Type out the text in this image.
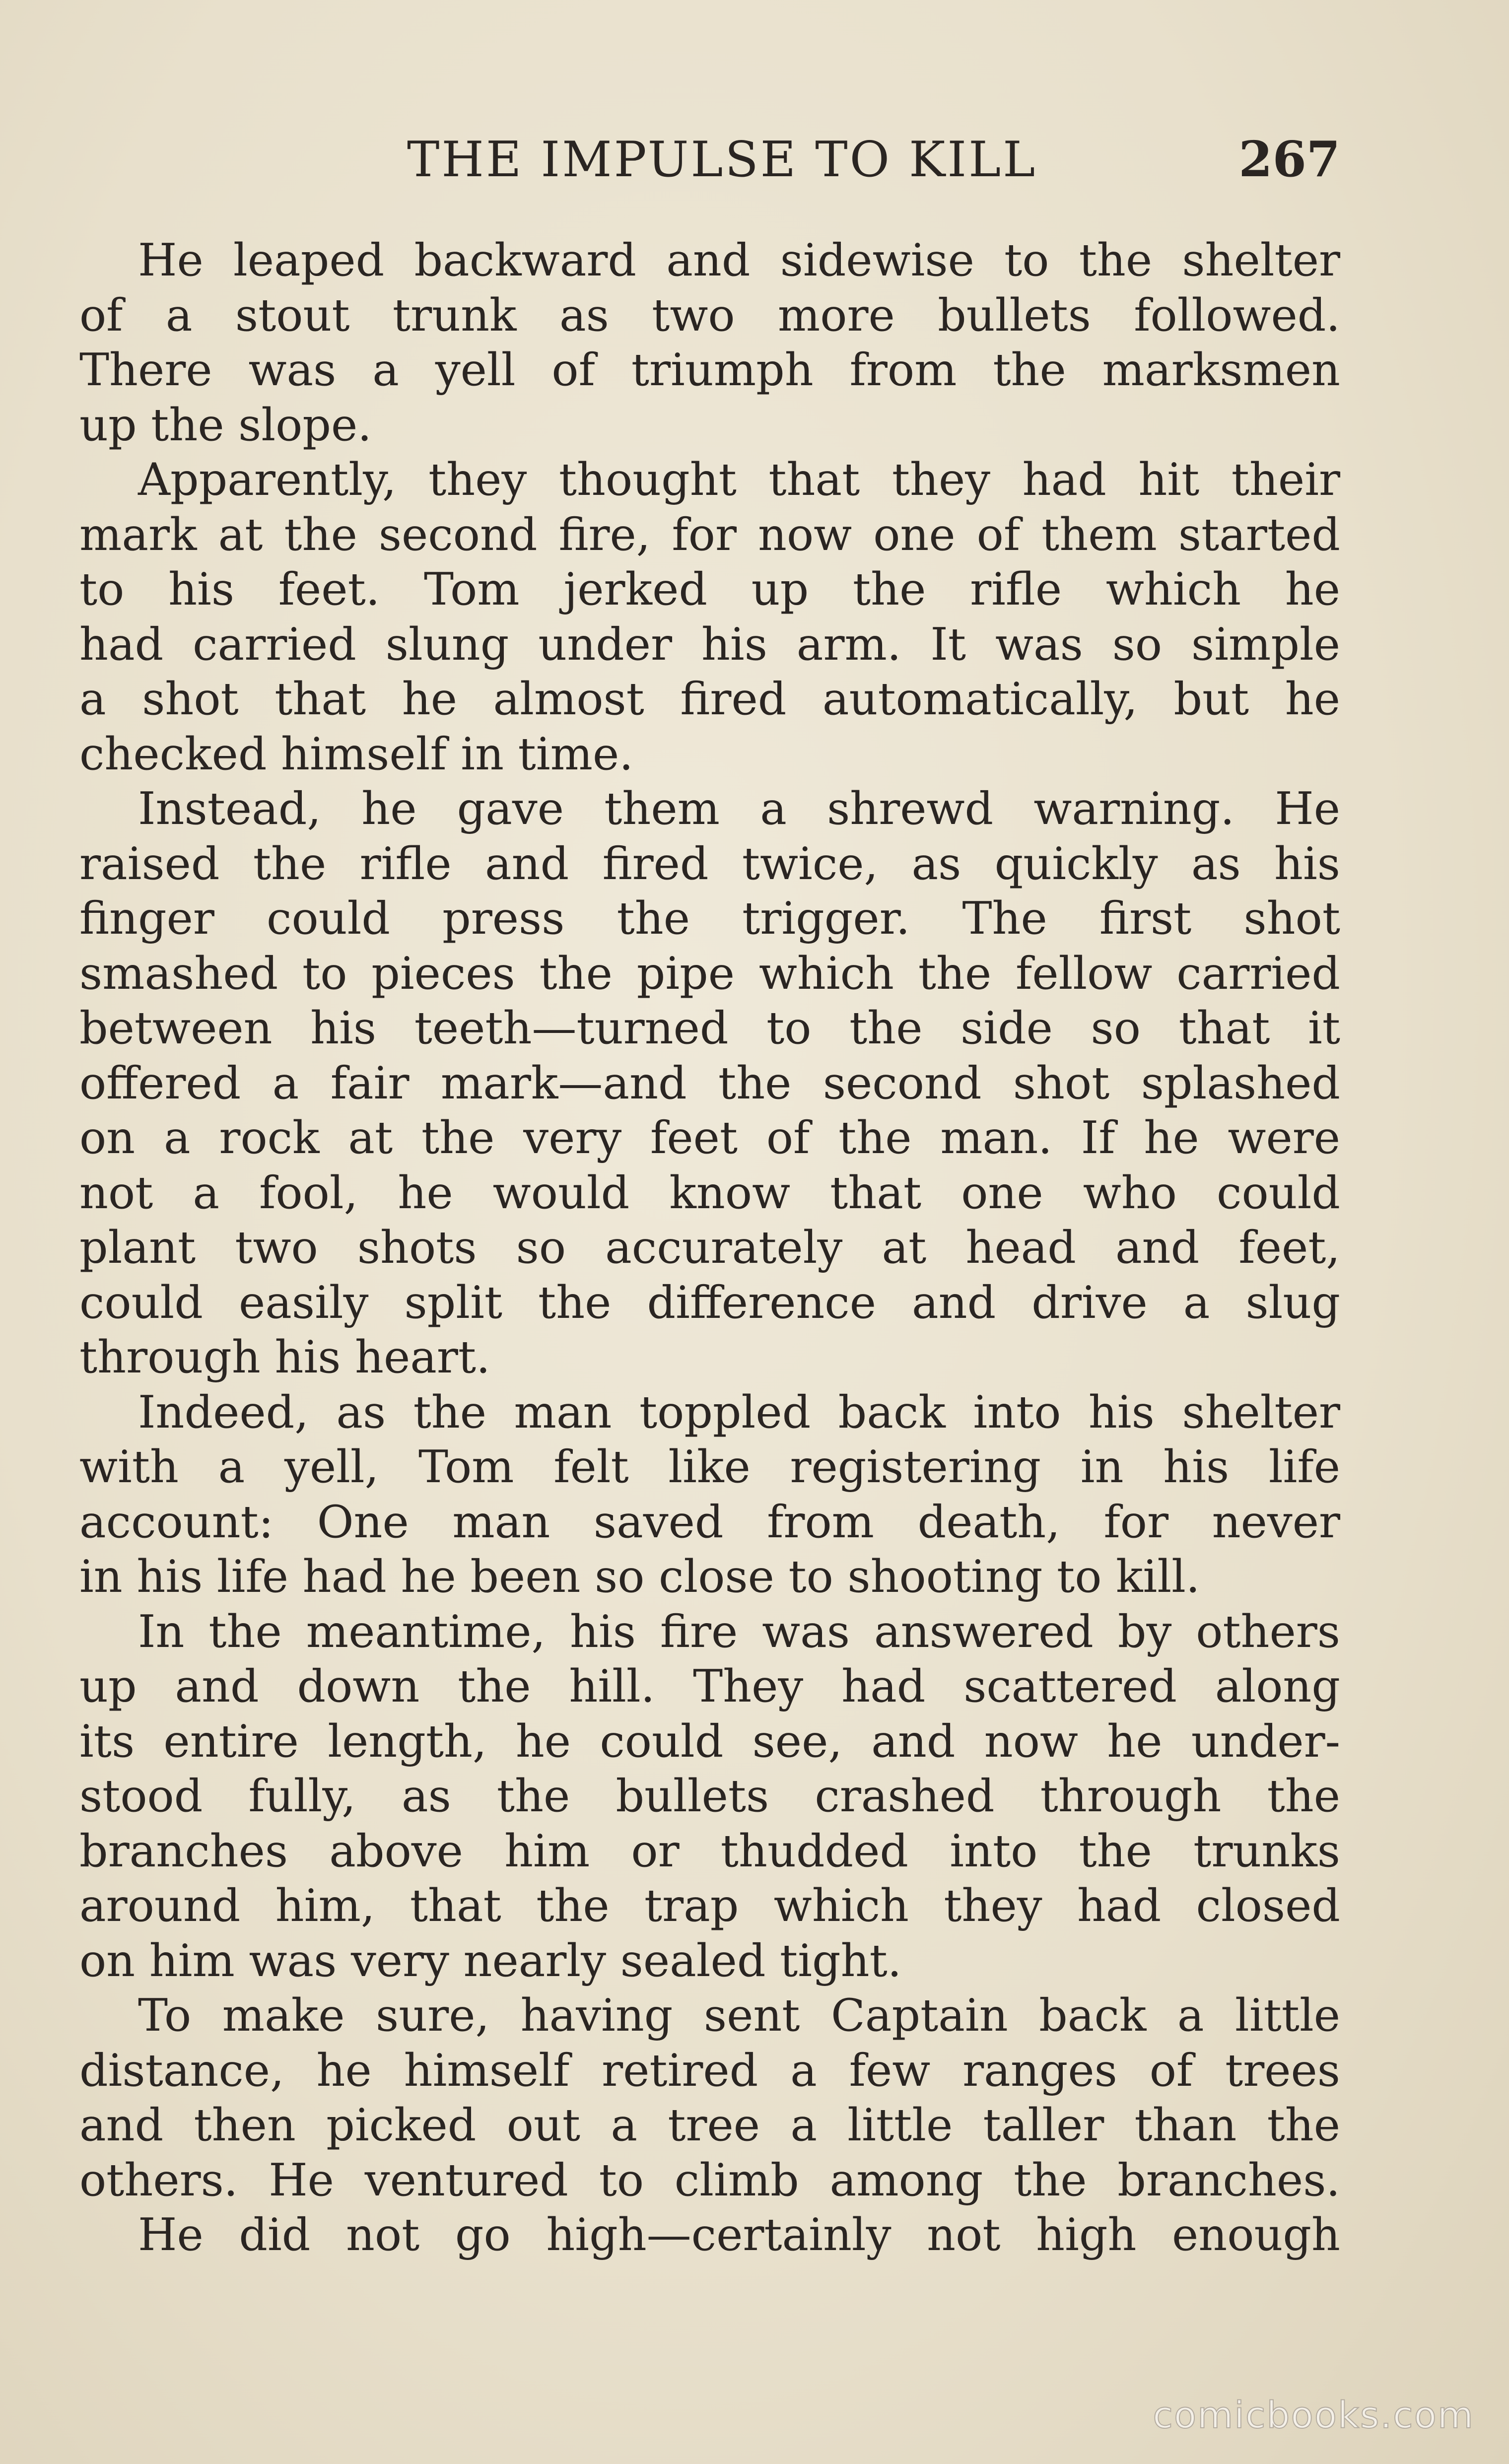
THE IMPULSE TO KILL	267
He leaped backward and sidewise to the shelter
of a stout trunk as two more bullets followed.
There was a yell of triumph from the marksmen
up the slope.
Apparently, they thought that they had hit their
mark at the second fire, for now one of them started
to his feet. Tom jerked up the rifle which he
had carried slung under his arm. It was so simple
a shot that he almost fired automatically, but he
checked himself in time.
Instead, he gave them a shrewd warning. He
raised the rifle and fired twice, as quickly as his
finger could press the trigger. The first shot
smashed to pieces the pipe which the fellow carried
between his teeth—turned to the side so that it
offered a fair mark—and the second shot splashed
on a rock at the very feet of the man. If he were
not a fool, he would know that one who could
plant two shots so accurately at head and feet,
could easily split the difference and drive a slug
through his heart.
Indeed, as the man toppled back into his shelter
with a yell, Tom felt like registering in his life
account: One man saved from death, for never
in his life had he been so close to shooting to kill.
In the meantime, his fire was answered by others
up and down the hill. They had scattered along
its entire length, he could see, and now he under-
stood fully, as the bullets crashed through the
branches above him or thudded into the trunks
around him, that the trap which they had closed
on him was very nearly sealed tight.
To make sure, having sent Captain back a little
distance, he himself retired a few ranges of trees
and then picked out a tree a little taller than the
others. He ventured to climb among the branches.
He did not go high—certainly not high enough
comicbooks.com
